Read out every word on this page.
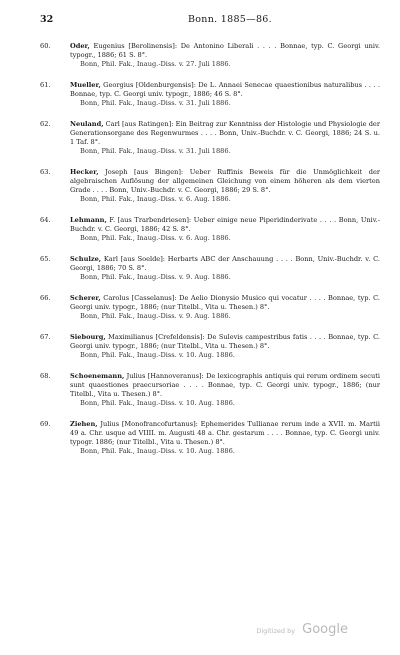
32	Bonn. 1885—86.
60.	Oder, Eugenius [Berolinensis]: De Antonino Liberali . . . . Bonnae, typ. C. Georgi univ. typogr., 1886; 61 S. 8°.
Bonn, Phil. Fak., Inaug.-Diss. v. 27. Juli 1886.
61.	Mueller, Georgius [Oldenburgensis]: De L. Annaei Senecae quaestionibus naturalibus . . . . Bonnae, typ. C. Georgi univ. typogr., 1886; 46 S. 8°.
Bonn, Phil. Fak., Inaug.-Diss. v. 31. Juli 1886.
62.	Neuland, Carl [aus Ratingen]: Ein Beitrag zur Kenntniss der Histologie und Physiologie der Generationsorgane des Regenwurmes . . . . Bonn, Univ.-Buchdr. v. C. Georgi, 1886; 24 S. u. 1 Taf. 8°.
Bonn, Phil. Fak., Inaug.-Diss. v. 31. Juli 1886.
63.	Hecker, Joseph [aus Bingen]: Ueber Ruffinis Beweis für die Unmöglichkeit der algebraischen Auflösung der allgemeinen Gleichung von einem höheren als dem vierten Grade . . . . Bonn, Univ.-Buchdr. v. C. Georgi, 1886; 29 S. 8°.
Bonn, Phil. Fak., Inaug.-Diss. v. 6. Aug. 1886.
64.	Lehmann, F. [aus Trarbendriesen]: Ueber einige neue Piperidinderivate . . . . Bonn, Univ.-Buchdr. v. C. Georgi, 1886; 42 S. 8°.
Bonn, Phil. Fak., Inaug.-Diss. v. 6. Aug. 1886.
65.	Schulze, Karl [aus Soelde]: Herbarts ABC der Anschauung . . . . Bonn, Univ.-Buchdr. v. C. Georgi, 1886; 70 S. 8°.
Bonn, Phil. Fak., Inaug.-Diss. v. 9. Aug. 1886.
66.	Scherer, Carolus [Casselanus]: De Aelio Dionysio Musico qui vocatur . . . . Bonnae, typ. C. Georgi univ. typogr., 1886; (nur Titelbl., Vita u. Thesen.) 8°.
Bonn, Phil. Fak., Inaug.-Diss. v. 9. Aug. 1886.
67.	Siebourg, Maximilianus [Crefeldensis]: De Sulevis campestribus fatis . . . . Bonnae, typ. C. Georgi univ. typogr., 1886; (nur Titelbl., Vita u. Thesen.) 8°.
Bonn, Phil. Fak., Inaug.-Diss. v. 10. Aug. 1886.
68.	Schoenemann, Julius [Hannoveranus]: De lexicographis antiquis qui rerum ordinem secuti sunt quaestiones praecursoriae . . . . Bonnae, typ. C. Georgi univ. typogr., 1886; (nur Titelbl., Vita u. Thesen.) 8°.
Bonn, Phil. Fak., Inaug.-Diss. v. 10. Aug. 1886.
69.	Ziehen, Julius [Monofrancofurtanus]: Ephemerides Tullianae rerum inde a XVII. m. Martii 49 a. Chr. usque ad VIIII. m. Augusti 48 a. Chr. gestarum . . . . Bonnae, typ. C. Georgi univ. typogr. 1886; (nur Titelbl., Vita u. Thesen.) 8°.
Bonn, Phil. Fak., Inaug.-Diss. v. 10. Aug. 1886.
Digitized by Google
